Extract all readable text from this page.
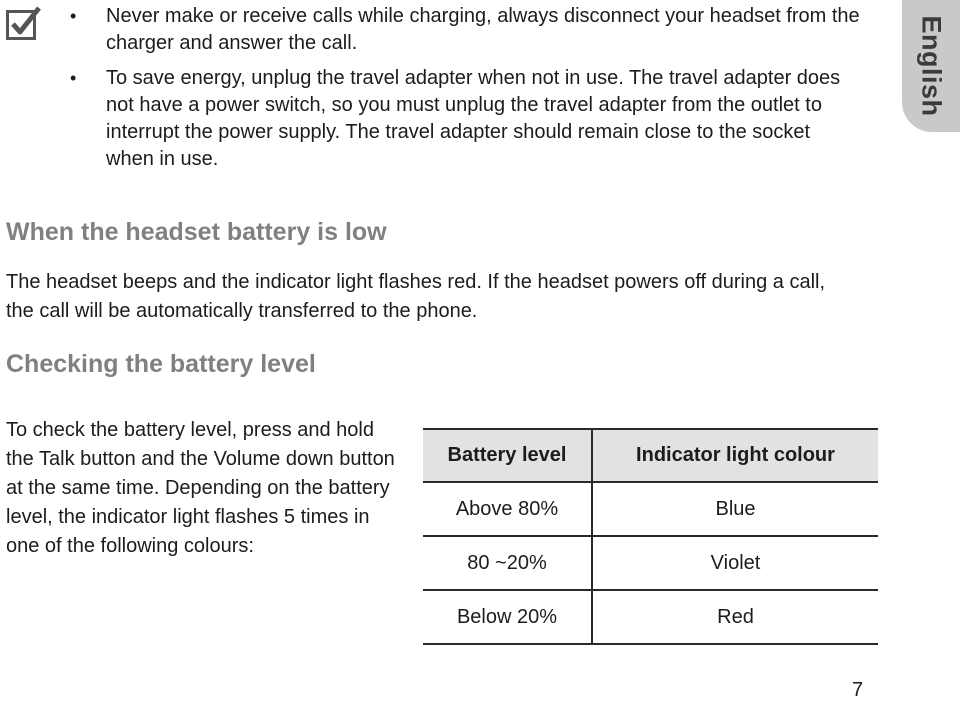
• Never make or receive calls while charging, always disconnect your headset from the charger and answer the call.
• To save energy, unplug the travel adapter when not in use. The travel adapter does not have a power switch, so you must unplug the travel adapter from the outlet to interrupt the power supply. The travel adapter should remain close to the socket when in use.
English
When the headset battery is low

The headset beeps and the indicator light flashes red. If the headset powers off during a call, the call will be automatically transferred to the phone.

Checking the battery level

To check the battery level, press and hold the Talk button and the Volume down button at the same time. Depending on the battery level, the indicator light flashes 5 times in one of the following colours:

Battery level	Indicator light colour
Above 80%	Blue
80 ~20%	Violet
Below 20%	Red
7
